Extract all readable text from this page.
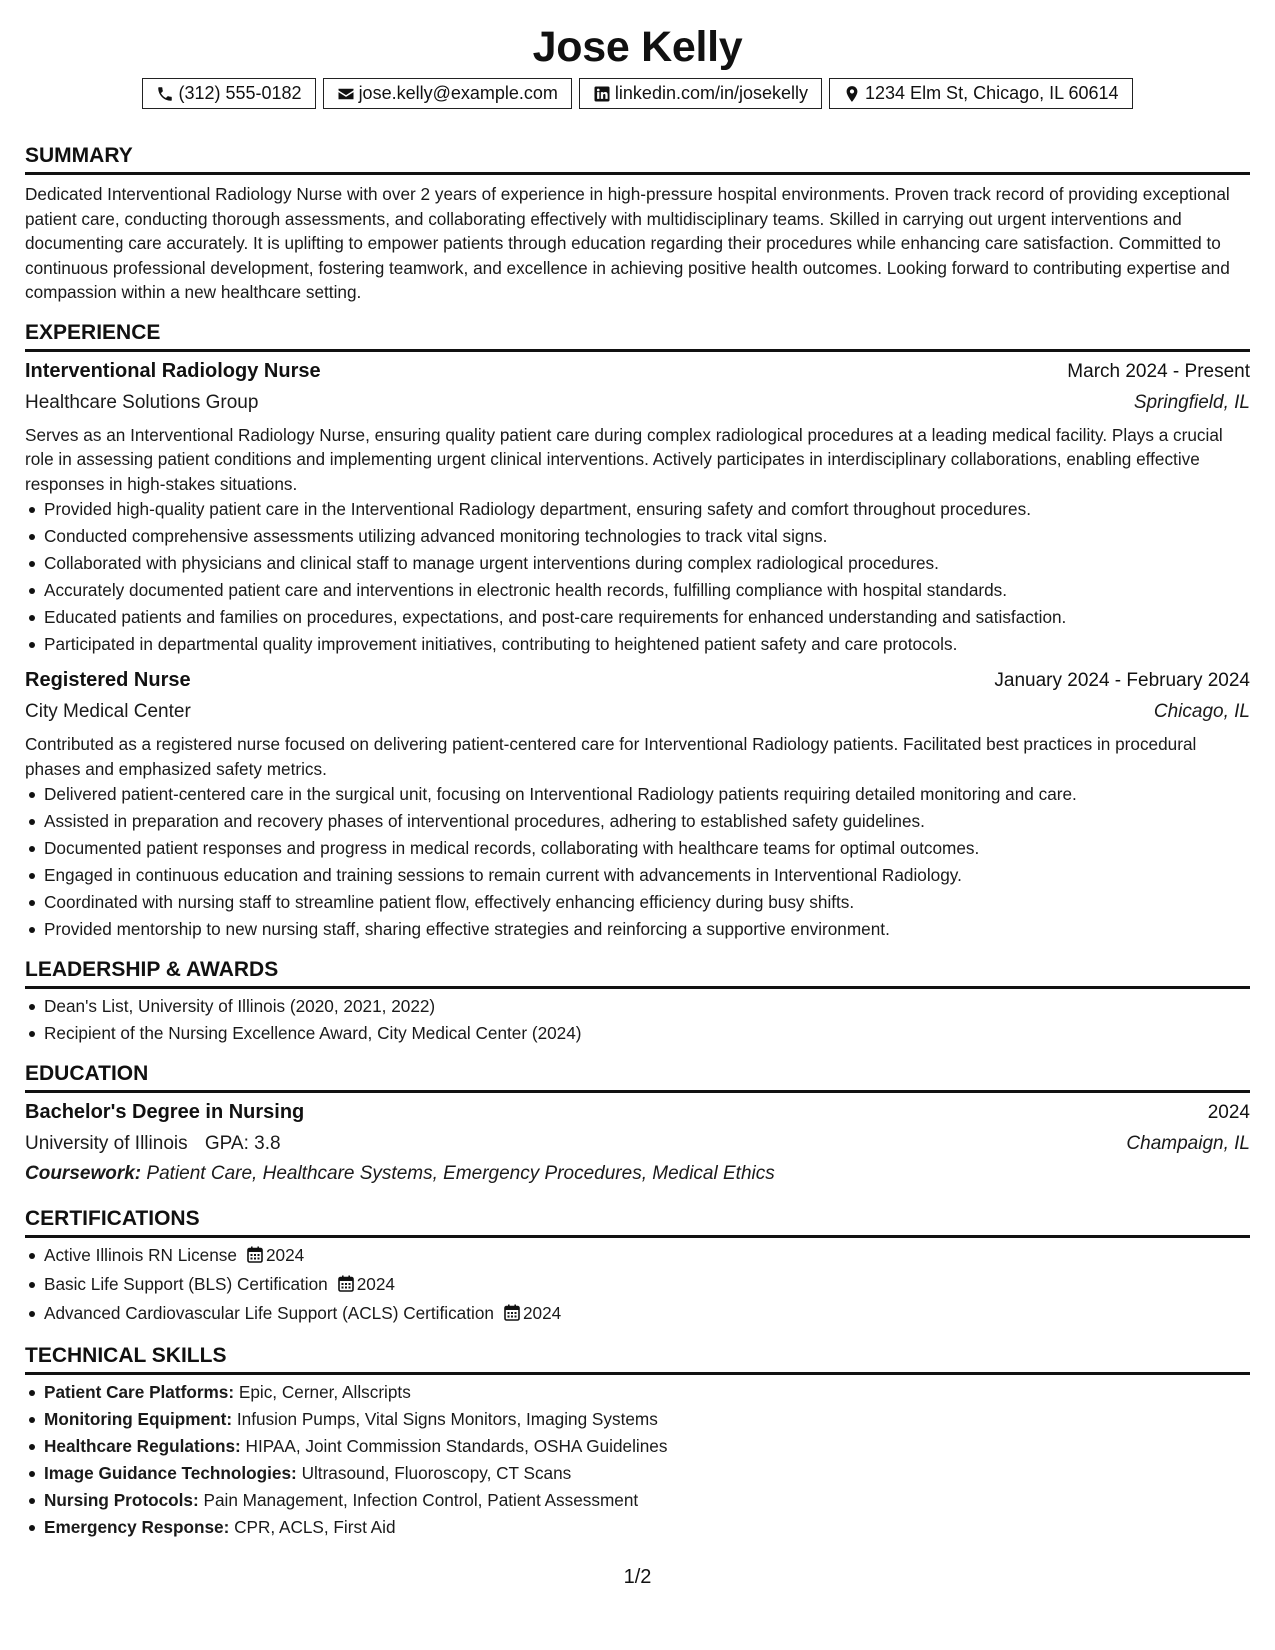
Jose Kelly
(312) 555-0182	jose.kelly@example.com	linkedin.com/in/josekelly	1234 Elm St, Chicago, IL 60614
SUMMARY

Dedicated Interventional Radiology Nurse with over 2 years of experience in high-pressure hospital environments. Proven track record of providing exceptional patient care, conducting thorough assessments, and collaborating effectively with multidisciplinary teams. Skilled in carrying out urgent interventions and documenting care accurately. It is uplifting to empower patients through education regarding their procedures while enhancing care satisfaction. Committed to continuous professional development, fostering teamwork, and excellence in achieving positive health outcomes. Looking forward to contributing expertise and compassion within a new healthcare setting.

EXPERIENCE
Interventional Radiology Nurse	March 2024 - Present
Healthcare Solutions Group	Springfield, IL

Serves as an Interventional Radiology Nurse, ensuring quality patient care during complex radiological procedures at a leading medical facility. Plays a crucial role in assessing patient conditions and implementing urgent clinical interventions. Actively participates in interdisciplinary collaborations, enabling effective responses in high-stakes situations.

Provided high-quality patient care in the Interventional Radiology department, ensuring safety and comfort throughout procedures.
Conducted comprehensive assessments utilizing advanced monitoring technologies to track vital signs.
Collaborated with physicians and clinical staff to manage urgent interventions during complex radiological procedures.
Accurately documented patient care and interventions in electronic health records, fulfilling compliance with hospital standards.
Educated patients and families on procedures, expectations, and post-care requirements for enhanced understanding and satisfaction.
Participated in departmental quality improvement initiatives, contributing to heightened patient safety and care protocols.
Registered Nurse	January 2024 - February 2024
City Medical Center	Chicago, IL

Contributed as a registered nurse focused on delivering patient-centered care for Interventional Radiology patients. Facilitated best practices in procedural phases and emphasized safety metrics.

Delivered patient-centered care in the surgical unit, focusing on Interventional Radiology patients requiring detailed monitoring and care.
Assisted in preparation and recovery phases of interventional procedures, adhering to established safety guidelines.
Documented patient responses and progress in medical records, collaborating with healthcare teams for optimal outcomes.
Engaged in continuous education and training sessions to remain current with advancements in Interventional Radiology.
Coordinated with nursing staff to streamline patient flow, effectively enhancing efficiency during busy shifts.
Provided mentorship to new nursing staff, sharing effective strategies and reinforcing a supportive environment.
LEADERSHIP & AWARDS
Dean's List, University of Illinois (2020, 2021, 2022)
Recipient of the Nursing Excellence Award, City Medical Center (2024)
EDUCATION
Bachelor's Degree in Nursing	2024
University of Illinois GPA: 3.8	Champaign, IL
Coursework: Patient Care, Healthcare Systems, Emergency Procedures, Medical Ethics
CERTIFICATIONS
Active Illinois RN License 2024
Basic Life Support (BLS) Certification 2024
Advanced Cardiovascular Life Support (ACLS) Certification 2024
TECHNICAL SKILLS
Patient Care Platforms: Epic, Cerner, Allscripts
Monitoring Equipment: Infusion Pumps, Vital Signs Monitors, Imaging Systems
Healthcare Regulations: HIPAA, Joint Commission Standards, OSHA Guidelines
Image Guidance Technologies: Ultrasound, Fluoroscopy, CT Scans
Nursing Protocols: Pain Management, Infection Control, Patient Assessment
Emergency Response: CPR, ACLS, First Aid
1/2
